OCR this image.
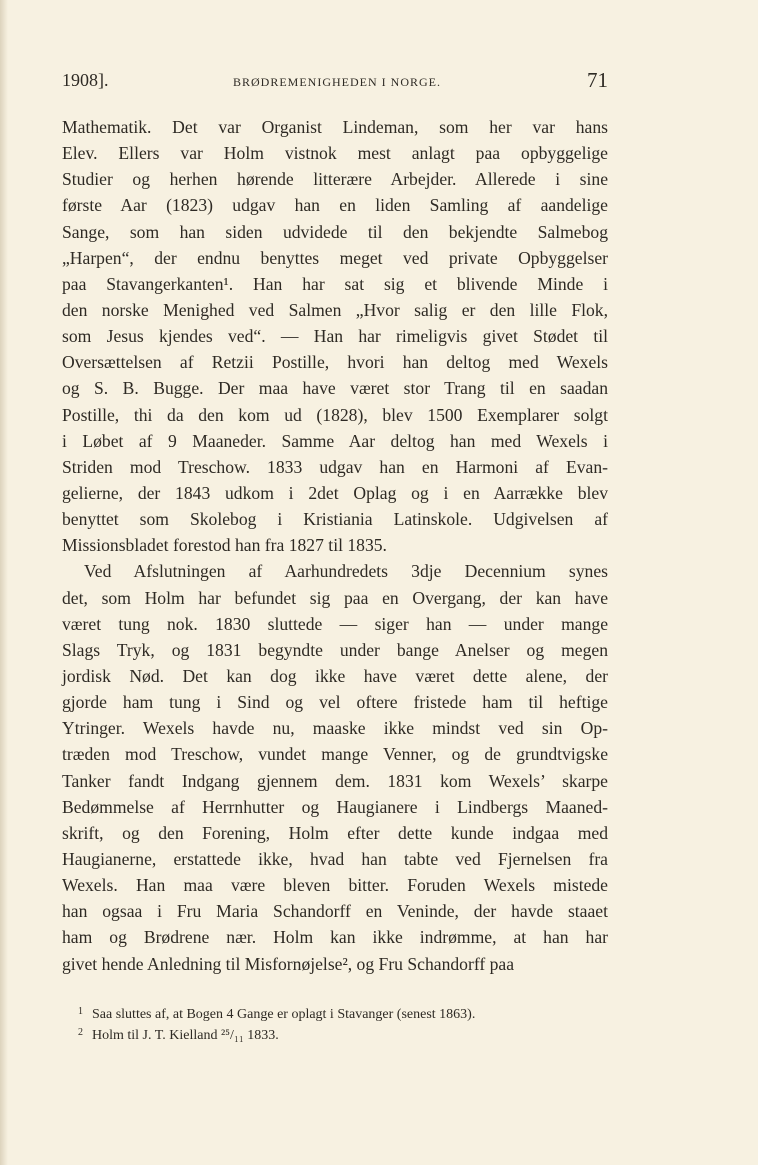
1908].	BRØDREMENIGHEDEN I NORGE.	71
Mathematik. Det var Organist Lindeman, som her var hans
Elev. Ellers var Holm vistnok mest anlagt paa opbyggelige
Studier og herhen hørende litterære Arbejder. Allerede i sine
første Aar (1823) udgav han en liden Samling af aandelige
Sange, som han siden udvidede til den bekjendte Salmebog
„Harpen“, der endnu benyttes meget ved private Opbyggelser
paa Stavangerkanten¹. Han har sat sig et blivende Minde i
den norske Menighed ved Salmen „Hvor salig er den lille Flok,
som Jesus kjendes ved“. — Han har rimeligvis givet Stødet til
Oversættelsen af Retzii Postille, hvori han deltog med Wexels
og S. B. Bugge. Der maa have været stor Trang til en saadan
Postille, thi da den kom ud (1828), blev 1500 Exemplarer solgt
i Løbet af 9 Maaneder. Samme Aar deltog han med Wexels i
Striden mod Treschow. 1833 udgav han en Harmoni af Evan-
gelierne, der 1843 udkom i 2det Oplag og i en Aarrække blev
benyttet som Skolebog i Kristiania Latinskole. Udgivelsen af
Missionsbladet forestod han fra 1827 til 1835.
Ved Afslutningen af Aarhundredets 3dje Decennium synes
det, som Holm har befundet sig paa en Overgang, der kan have
været tung nok. 1830 sluttede — siger han — under mange
Slags Tryk, og 1831 begyndte under bange Anelser og megen
jordisk Nød. Det kan dog ikke have været dette alene, der
gjorde ham tung i Sind og vel oftere fristede ham til heftige
Ytringer. Wexels havde nu, maaske ikke mindst ved sin Op-
træden mod Treschow, vundet mange Venner, og de grundtvigske
Tanker fandt Indgang gjennem dem. 1831 kom Wexels’ skarpe
Bedømmelse af Herrnhutter og Haugianere i Lindbergs Maaned-
skrift, og den Forening, Holm efter dette kunde indgaa med
Haugianerne, erstattede ikke, hvad han tabte ved Fjernelsen fra
Wexels. Han maa være bleven bitter. Foruden Wexels mistede
han ogsaa i Fru Maria Schandorff en Veninde, der havde staaet
ham og Brødrene nær. Holm kan ikke indrømme, at han har
givet hende Anledning til Misfornøjelse², og Fru Schandorff paa
1 Saa sluttes af, at Bogen 4 Gange er oplagt i Stavanger (senest 1863).
2 Holm til J. T. Kielland ²⁵/₁₁ 1833.
